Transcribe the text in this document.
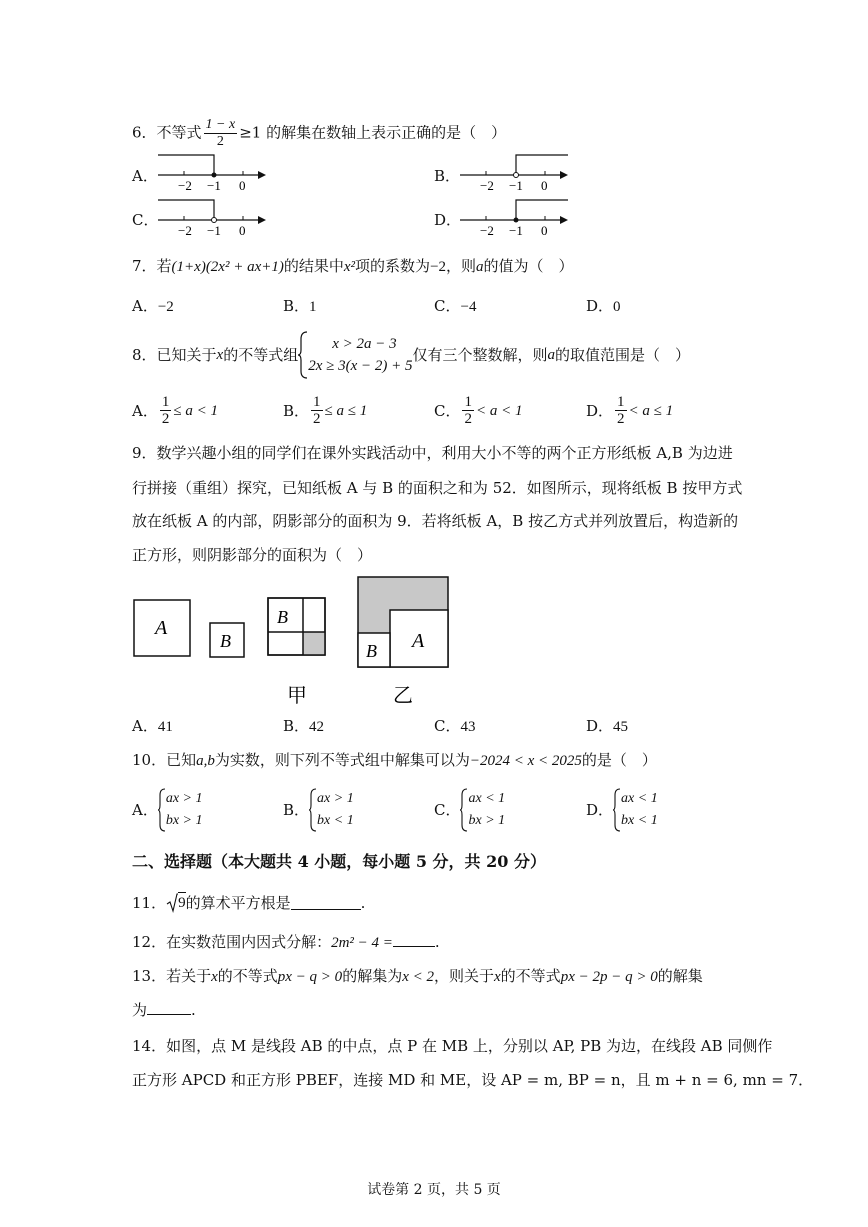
6．不等式 $\frac{1 - x}{2} \ge 1$ 的解集在数轴上表示正确的是（　）
A．
−2 −1 0
B．
−2 −1 0
C．
−2 −1 0
D．
−2 −1 0
7．若(1+x)(2x² + ax+1)的结果中x²项的系数为−2，则a的值为（　）
A．−2	B．1	C．−4	D．0
8．已知关于 x 的不等式组
x > 2a − 3
2x ≥ 3(x − 2) + 5
仅有三个整数解，则 a 的取值范围是（　）
A． $\frac{1}{2} \le a < 1$	B． $\frac{1}{2} \le a \le 1$	C． $\frac{1}{2} < a < 1$	D． $\frac{1}{2} < a \le 1$
9．数学兴趣小组的同学们在课外实践活动中，利用大小不等的两个正方形纸板 A,B 为边进
行拼接（重组）探究，已知纸板 A 与 B 的面积之和为 52．如图所示，现将纸板 B 按甲方式
放在纸板 A 的内部，阴影部分的面积为 9．若将纸板 A，B 按乙方式并列放置后，构造新的
正方形，则阴影部分的面积为（　）
A
B
B
A
B
甲	乙
A．41	B．42	C．43	D．45
10．已知a,b为实数，则下列不等式组中解集可以为−2024 < x < 2025的是（　）
A．
ax > 1
bx > 1
B．
ax > 1
bx < 1
C．
ax < 1
bx > 1
D．
ax < 1
bx < 1
二、选择题（本大题共 4 小题，每小题 5 分，共 20 分）
11． 9 的算术平方根是	.
12．在实数范围内因式分解：2m² − 4 =	.
13．若关于x的不等式px − q > 0的解集为x < 2，则关于x的不等式px − 2p − q > 0的解集
为	.
14．如图，点 M 是线段 AB 的中点，点 P 在 MB 上，分别以 AP, PB 为边，在线段 AB 同侧作
正方形 APCD 和正方形 PBEF，连接 MD 和 ME，设 AP = m, BP = n，且 m + n = 6, mn = 7．
试卷第 2 页，共 5 页
